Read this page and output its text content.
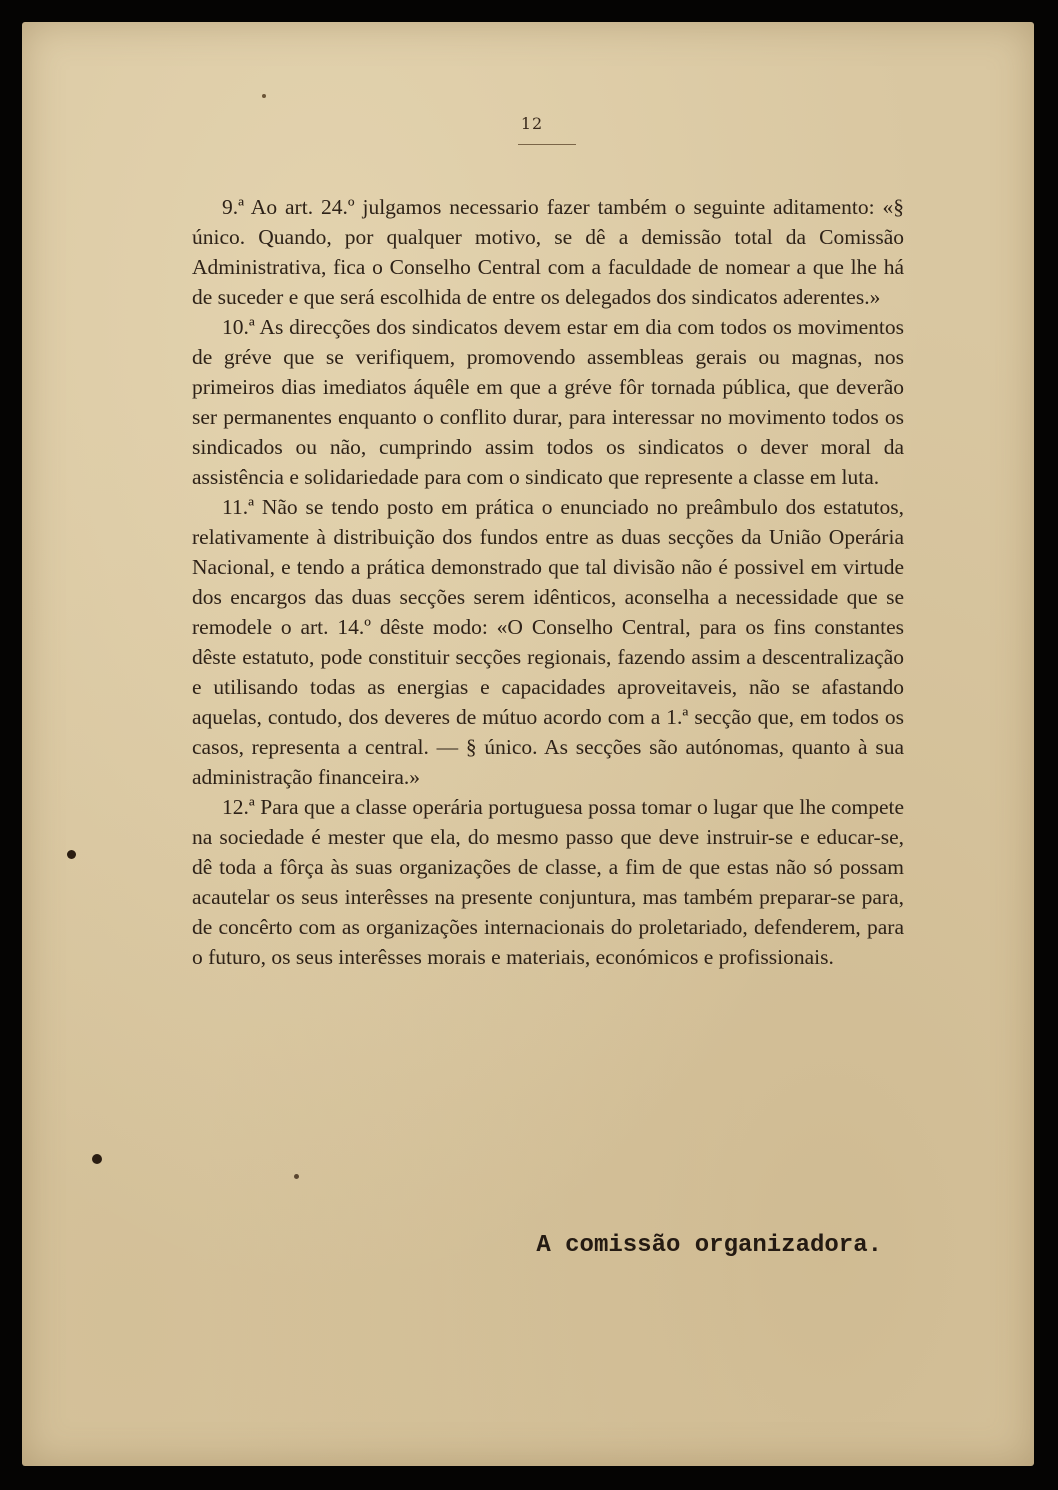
12

9.ª Ao art. 24.º julgamos necessario fazer também o seguinte aditamento: «§ único. Quando, por qualquer motivo, se dê a demissão total da Comissão Administrativa, fica o Conselho Central com a faculdade de nomear a que lhe há de suceder e que será escolhida de entre os delegados dos sindicatos aderentes.»

10.ª As direcções dos sindicatos devem estar em dia com todos os movimentos de gréve que se verifiquem, promovendo assembleas gerais ou magnas, nos primeiros dias imediatos áquêle em que a gréve fôr tornada pública, que deverão ser permanentes enquanto o conflito durar, para interessar no movimento todos os sindicados ou não, cumprindo assim todos os sindicatos o dever moral da assistência e solidariedade para com o sindicato que represente a classe em luta.

11.ª Não se tendo posto em prática o enunciado no preâmbulo dos estatutos, relativamente à distribuição dos fundos entre as duas secções da União Operária Nacional, e tendo a prática demonstrado que tal divisão não é possivel em virtude dos encargos das duas secções serem idênticos, aconselha a necessidade que se remodele o art. 14.º dêste modo: «O Conselho Central, para os fins constantes dêste estatuto, pode constituir secções regionais, fazendo assim a descentralização e utilisando todas as energias e capacidades aproveitaveis, não se afastando aquelas, contudo, dos deveres de mútuo acordo com a 1.ª secção que, em todos os casos, representa a central. — § único. As secções são autónomas, quanto à sua administração financeira.»

12.ª Para que a classe operária portuguesa possa tomar o lugar que lhe compete na sociedade é mester que ela, do mesmo passo que deve instruir-se e educar-se, dê toda a fôrça às suas organizações de classe, a fim de que estas não só possam acautelar os seus interêsses na presente conjuntura, mas também preparar-se para, de concêrto com as organizações internacionais do proletariado, defenderem, para o futuro, os seus interêsses morais e materiais, económicos e profissionais.

A comissão organizadora.
